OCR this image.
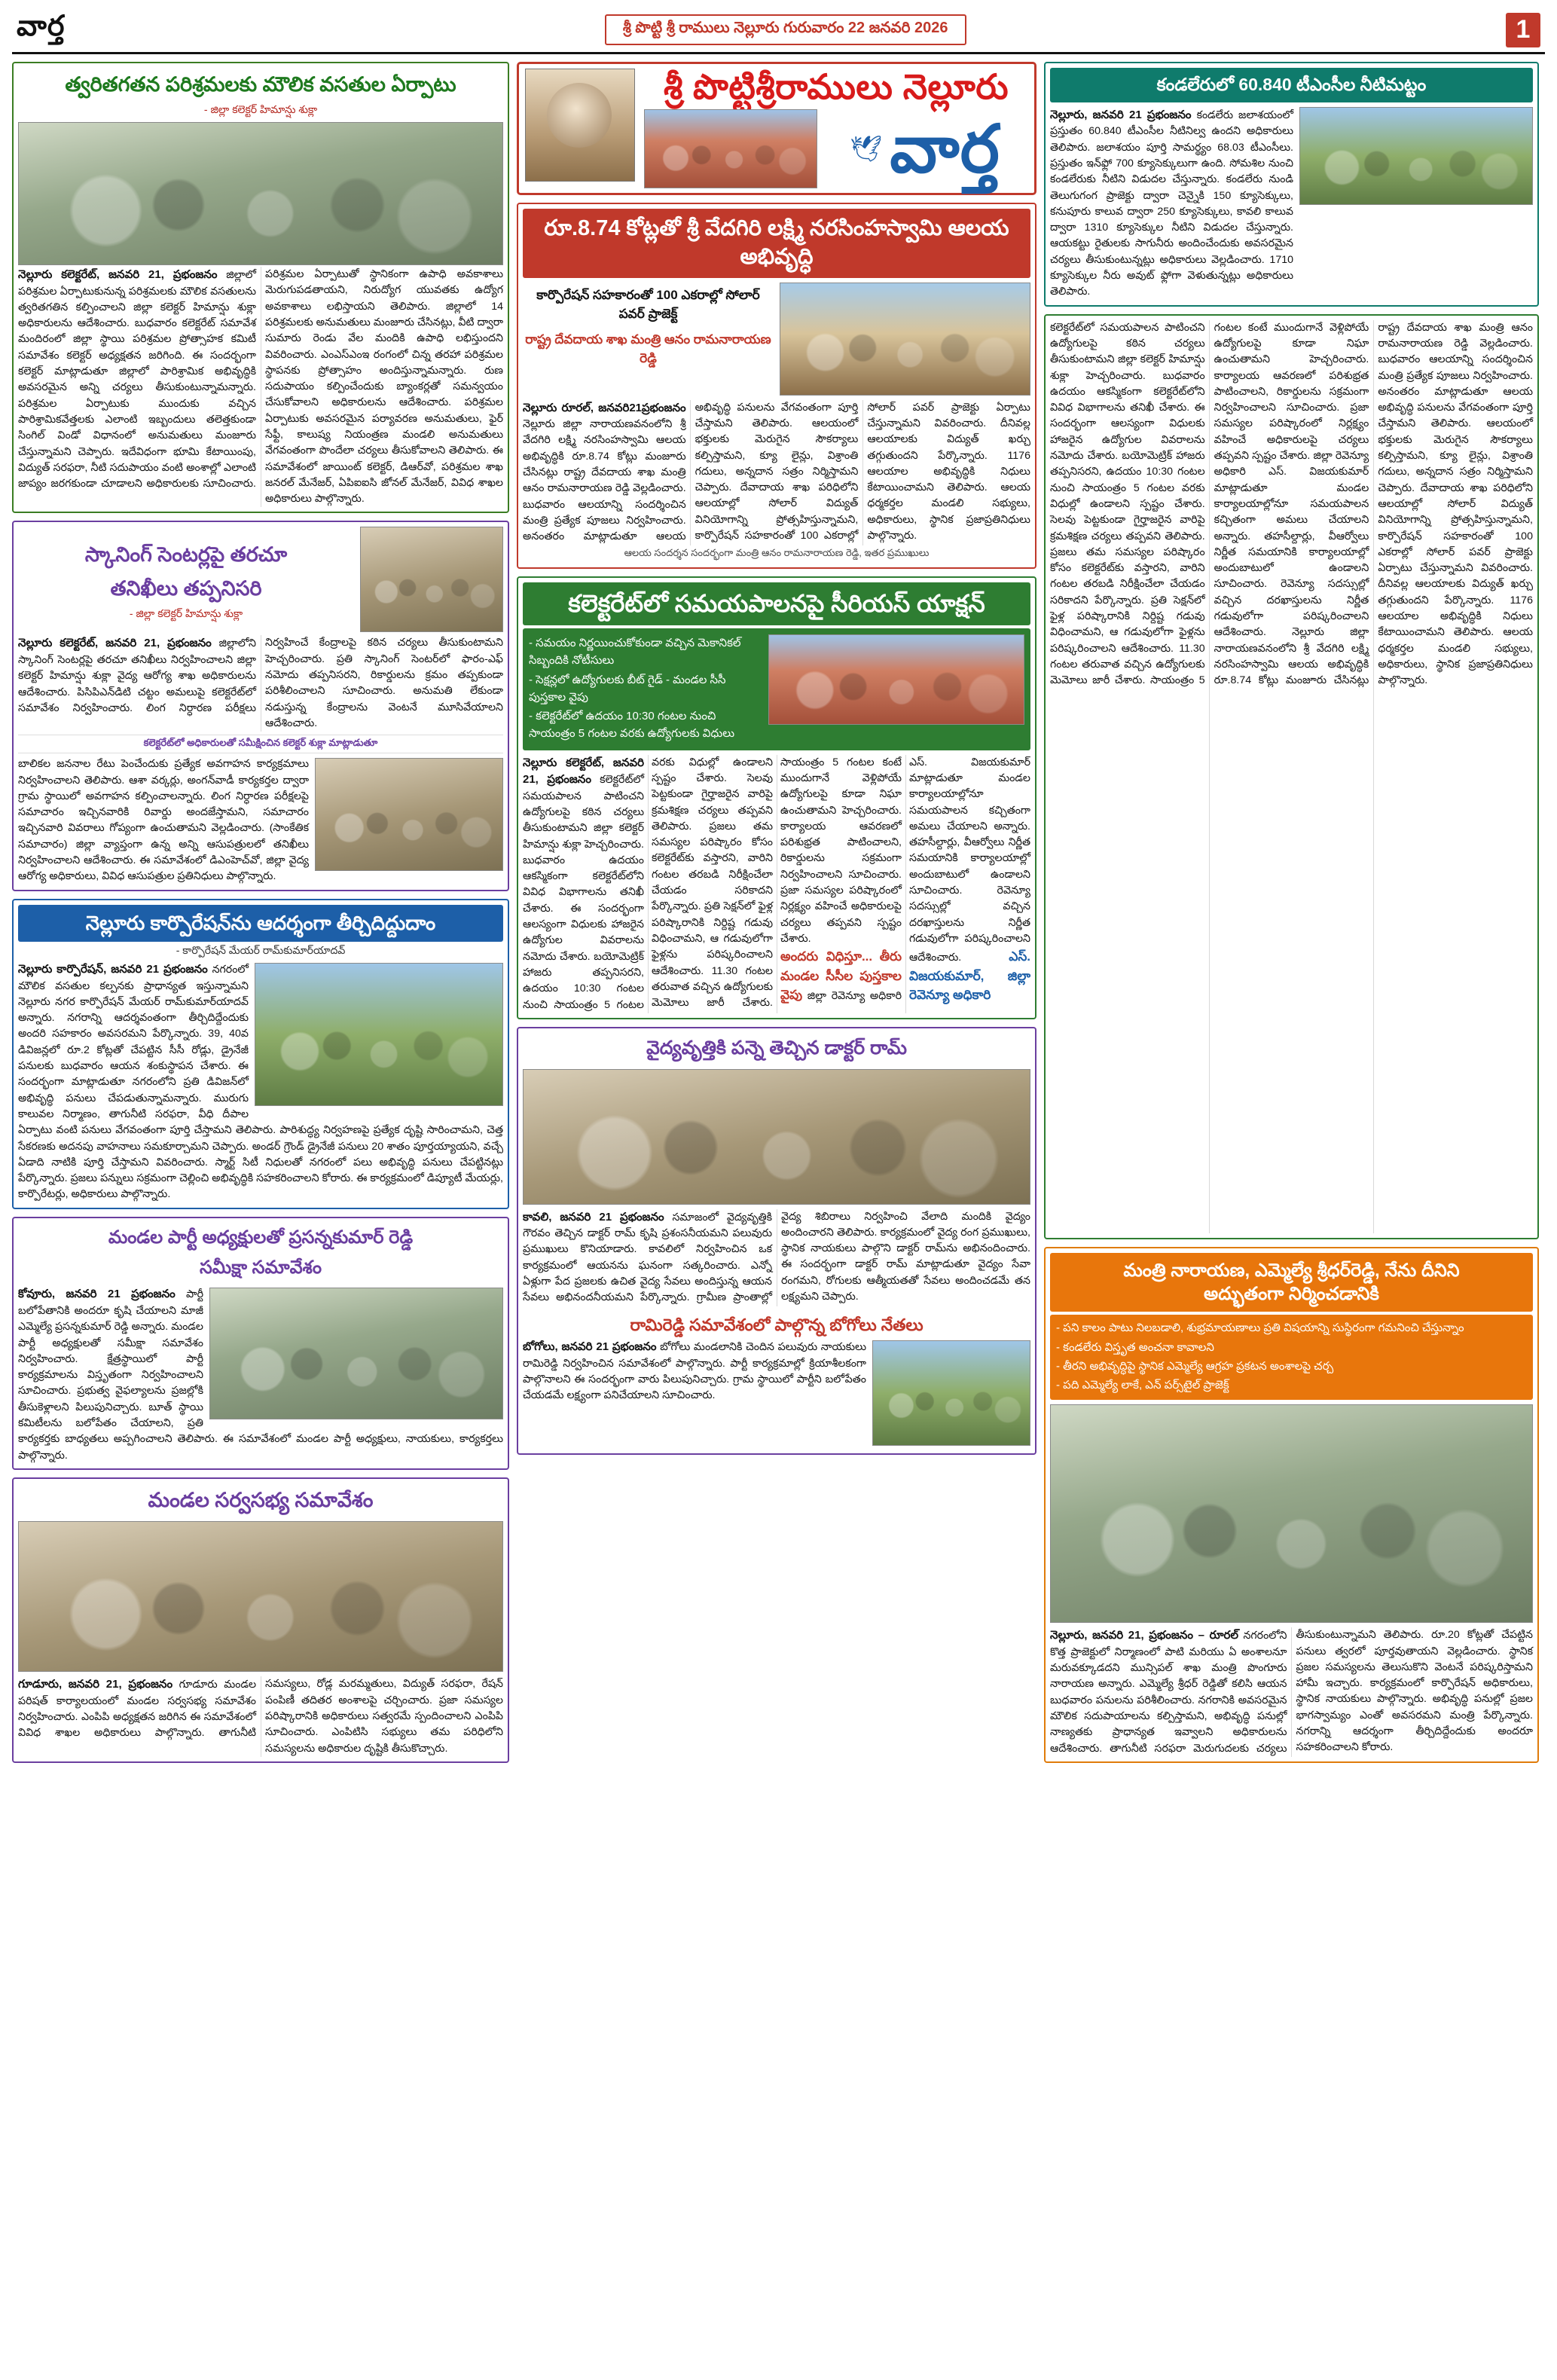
వార్త	శ్రీ పొట్టి శ్రీ రాములు నెల్లూరు గురువారం 22 జనవరి 2026	1
త్వరితగతన పరిశ్రమలకు మౌలిక వసతుల ఏర్పాటు
- జిల్లా కలెక్టర్ హిమాన్షు శుక్లా
నెల్లూరు కలెక్టరేట్, జనవరి 21, ప్రభంజనం జిల్లాలో పరిశ్రమల ఏర్పాటుకునున్న పరిశ్రమలకు మౌలిక వసతులను త్వరితగతిన కల్పించాలని జిల్లా కలెక్టర్ హిమాన్షు శుక్లా అధికారులను ఆదేశించారు. బుధవారం కలెక్టరేట్ సమావేశ మందిరంలో జిల్లా స్థాయి పరిశ్రమల ప్రోత్సాహక కమిటీ సమావేశం కలెక్టర్ అధ్యక్షతన జరిగింది. ఈ సందర్భంగా కలెక్టర్ మాట్లాడుతూ జిల్లాలో పారిశ్రామిక అభివృద్ధికి అవసరమైన అన్ని చర్యలు తీసుకుంటున్నామన్నారు. పరిశ్రమల ఏర్పాటుకు ముందుకు వచ్చిన పారిశ్రామికవేత్తలకు ఎలాంటి ఇబ్బందులు తలెత్తకుండా సింగిల్ విండో విధానంలో అనుమతులు మంజూరు చేస్తున్నామని చెప్పారు. ఇదేవిధంగా భూమి కేటాయింపు, విద్యుత్ సరఫరా, నీటి సదుపాయం వంటి అంశాల్లో ఎలాంటి జాప్యం జరగకుండా చూడాలని అధికారులకు సూచించారు. పరిశ్రమల ఏర్పాటుతో స్థానికంగా ఉపాధి అవకాశాలు మెరుగుపడతాయని, నిరుద్యోగ యువతకు ఉద్యోగ అవకాశాలు లభిస్తాయని తెలిపారు. జిల్లాలో 14 పరిశ్రమలకు అనుమతులు మంజూరు చేసినట్లు, వీటి ద్వారా సుమారు రెండు వేల మందికి ఉపాధి లభిస్తుందని వివరించారు. ఎంఎస్ఎంఇ రంగంలో చిన్న తరహా పరిశ్రమల స్థాపనకు ప్రోత్సాహం అందిస్తున్నామన్నారు. రుణ సదుపాయం కల్పించేందుకు బ్యాంకర్లతో సమన్వయం చేసుకోవాలని అధికారులను ఆదేశించారు. పరిశ్రమల ఏర్పాటుకు అవసరమైన పర్యావరణ అనుమతులు, ఫైర్ సేఫ్టీ, కాలుష్య నియంత్రణ మండలి అనుమతులు వేగవంతంగా పొందేలా చర్యలు తీసుకోవాలని తెలిపారు. ఈ సమావేశంలో జాయింట్ కలెక్టర్, డిఆర్‌వో, పరిశ్రమల శాఖ జనరల్ మేనేజర్, ఏపిఐఐసి జోనల్ మేనేజర్, వివిధ శాఖల అధికారులు పాల్గొన్నారు.
స్కానింగ్ సెంటర్లపై తరచూ
తనిఖీలు తప్పనిసరి
- జిల్లా కలెక్టర్ హిమాన్షు శుక్లా
నెల్లూరు కలెక్టరేట్, జనవరి 21, ప్రభంజనం జిల్లాలోని స్కానింగ్ సెంటర్లపై తరచూ తనిఖీలు నిర్వహించాలని జిల్లా కలెక్టర్ హిమాన్షు శుక్లా వైద్య ఆరోగ్య శాఖ అధికారులను ఆదేశించారు. పిసిపిఎన్‌డిటి చట్టం అమలుపై కలెక్టరేట్‌లో సమావేశం నిర్వహించారు. లింగ నిర్ధారణ పరీక్షలు నిర్వహించే కేంద్రాలపై కఠిన చర్యలు తీసుకుంటామని హెచ్చరించారు. ప్రతి స్కానింగ్ సెంటర్‌లో ఫారం-ఎఫ్ నమోదు తప్పనిసరని, రికార్డులను క్రమం తప్పకుండా పరిశీలించాలని సూచించారు. అనుమతి లేకుండా నడుస్తున్న కేంద్రాలను వెంటనే మూసివేయాలని ఆదేశించారు.
కలెక్టరేట్‌లో అధికారులతో సమీక్షించిన కలెక్టర్ శుక్లా మాట్లాడుతూ
బాలికల జననాల రేటు పెంచేందుకు ప్రత్యేక అవగాహన కార్యక్రమాలు నిర్వహించాలని తెలిపారు. ఆశా వర్కర్లు, అంగన్‌వాడీ కార్యకర్తల ద్వారా గ్రామ స్థాయిలో అవగాహన కల్పించాలన్నారు. లింగ నిర్ధారణ పరీక్షలపై సమాచారం ఇచ్చినవారికి రివార్డు అందజేస్తామని, సమాచారం ఇచ్చినవారి వివరాలు గోప్యంగా ఉంచుతామని వెల్లడించారు. (సాంకేతిక సమాచారం) జిల్లా వ్యాప్తంగా ఉన్న అన్ని ఆసుపత్రులలో తనిఖీలు నిర్వహించాలని ఆదేశించారు. ఈ సమావేశంలో డిఎంహెచ్‌వో, జిల్లా వైద్య ఆరోగ్య అధికారులు, వివిధ ఆసుపత్రుల ప్రతినిధులు పాల్గొన్నారు.
నెల్లూరు కార్పొరేషన్‌ను ఆదర్శంగా తీర్చిదిద్దుదాం
- కార్పొరేషన్ మేయర్ రామ్‌కుమార్‌యాదవ్
నెల్లూరు కార్పొరేషన్, జనవరి 21 ప్రభంజనం నగరంలో మౌలిక వసతుల కల్పనకు ప్రాధాన్యత ఇస్తున్నామని నెల్లూరు నగర కార్పొరేషన్ మేయర్ రామ్‌కుమార్‌యాదవ్ అన్నారు. నగరాన్ని ఆదర్శవంతంగా తీర్చిదిద్దేందుకు అందరి సహకారం అవసరమని పేర్కొన్నారు. 39, 40వ డివిజన్లలో రూ.2 కోట్లతో చేపట్టిన సీసీ రోడ్లు, డ్రైనేజీ పనులకు బుధవారం ఆయన శంకుస్థాపన చేశారు. ఈ సందర్భంగా మాట్లాడుతూ నగరంలోని ప్రతి డివిజన్‌లో అభివృద్ధి పనులు చేపడుతున్నామన్నారు. మురుగు కాలువల నిర్మాణం, తాగునీటి సరఫరా, వీధి దీపాల ఏర్పాటు వంటి పనులు వేగవంతంగా పూర్తి చేస్తామని తెలిపారు. పారిశుద్ధ్య నిర్వహణపై ప్రత్యేక దృష్టి సారించామని, చెత్త సేకరణకు అదనపు వాహనాలు సమకూర్చామని చెప్పారు. అండర్ గ్రౌండ్ డ్రైనేజీ పనులు 20 శాతం పూర్తయ్యాయని, వచ్చే ఏడాది నాటికి పూర్తి చేస్తామని వివరించారు. స్మార్ట్ సిటీ నిధులతో నగరంలో పలు అభివృద్ధి పనులు చేపట్టినట్లు పేర్కొన్నారు. ప్రజలు పన్నులు సక్రమంగా చెల్లించి అభివృద్ధికి సహకరించాలని కోరారు. ఈ కార్యక్రమంలో డిప్యూటీ మేయర్లు, కార్పొరేటర్లు, అధికారులు పాల్గొన్నారు.
మండల పార్టీ అధ్యక్షులతో ప్రసన్నకుమార్ రెడ్డి
సమీక్షా సమావేశం
కోవూరు, జనవరి 21 ప్రభంజనం పార్టీ బలోపేతానికి అందరూ కృషి చేయాలని మాజీ ఎమ్మెల్యే ప్రసన్నకుమార్ రెడ్డి అన్నారు. మండల పార్టీ అధ్యక్షులతో సమీక్షా సమావేశం నిర్వహించారు. క్షేత్రస్థాయిలో పార్టీ కార్యక్రమాలను విస్తృతంగా నిర్వహించాలని సూచించారు. ప్రభుత్వ వైఫల్యాలను ప్రజల్లోకి తీసుకెళ్లాలని పిలుపునిచ్చారు. బూత్ స్థాయి కమిటీలను బలోపేతం చేయాలని, ప్రతి కార్యకర్తకు బాధ్యతలు అప్పగించాలని తెలిపారు. ఈ సమావేశంలో మండల పార్టీ అధ్యక్షులు, నాయకులు, కార్యకర్తలు పాల్గొన్నారు.
మండల సర్వసభ్య సమావేశం
గూడూరు, జనవరి 21, ప్రభంజనం గూడూరు మండల పరిషత్ కార్యాలయంలో మండల సర్వసభ్య సమావేశం నిర్వహించారు. ఎంపిపి అధ్యక్షతన జరిగిన ఈ సమావేశంలో వివిధ శాఖల అధికారులు పాల్గొన్నారు. తాగునీటి సమస్యలు, రోడ్ల మరమ్మతులు, విద్యుత్ సరఫరా, రేషన్ పంపిణీ తదితర అంశాలపై చర్చించారు. ప్రజా సమస్యల పరిష్కారానికి అధికారులు సత్వరమే స్పందించాలని ఎంపిపి సూచించారు. ఎంపిటిసి సభ్యులు తమ పరిధిలోని సమస్యలను అధికారుల దృష్టికి తీసుకొచ్చారు.
శ్రీ పొట్టిశ్రీరాములు నెల్లూరు
🕊 వార్త
రూ.8.74 కోట్లతో శ్రీ వేదగిరి లక్ష్మి నరసింహస్వామి ఆలయ అభివృద్ధి
కార్పొరేషన్ సహకారంతో 100 ఎకరాల్లో సోలార్ పవర్ ప్రాజెక్ట్
రాష్ట్ర దేవదాయ శాఖ మంత్రి ఆనం రామనారాయణ రెడ్డి
నెల్లూరు రూరల్, జనవరి21ప్రభంజనం నెల్లూరు జిల్లా నారాయణవనంలోని శ్రీ వేదగిరి లక్ష్మి నరసింహస్వామి ఆలయ అభివృద్ధికి రూ.8.74 కోట్లు మంజూరు చేసినట్లు రాష్ట్ర దేవదాయ శాఖ మంత్రి ఆనం రామనారాయణ రెడ్డి వెల్లడించారు. బుధవారం ఆలయాన్ని సందర్శించిన మంత్రి ప్రత్యేక పూజలు నిర్వహించారు. అనంతరం మాట్లాడుతూ ఆలయ అభివృద్ధి పనులను వేగవంతంగా పూర్తి చేస్తామని తెలిపారు. ఆలయంలో భక్తులకు మెరుగైన సౌకర్యాలు కల్పిస్తామని, క్యూ లైన్లు, విశ్రాంతి గదులు, అన్నదాన సత్రం నిర్మిస్తామని చెప్పారు. దేవాదాయ శాఖ పరిధిలోని ఆలయాల్లో సోలార్ విద్యుత్ వినియోగాన్ని ప్రోత్సహిస్తున్నామని, కార్పొరేషన్ సహకారంతో 100 ఎకరాల్లో సోలార్ పవర్ ప్రాజెక్టు ఏర్పాటు చేస్తున్నామని వివరించారు. దీనివల్ల ఆలయాలకు విద్యుత్ ఖర్చు తగ్గుతుందని పేర్కొన్నారు. 1176 ఆలయాల అభివృద్ధికి నిధులు కేటాయించామని తెలిపారు. ఆలయ ధర్మకర్తల మండలి సభ్యులు, అధికారులు, స్థానిక ప్రజాప్రతినిధులు పాల్గొన్నారు.
ఆలయ సందర్శన సందర్భంగా మంత్రి ఆనం రామనారాయణ రెడ్డి, ఇతర ప్రముఖులు
కలెక్టరేట్‌లో సమయపాలనపై సీరియస్ యాక్షన్
- సమయం నిర్ణయించుకోకుండా వచ్చిన మెకానికల్ సిబ్బందికి నోటీసులు
- సెక్షన్లలో ఉద్యోగులకు బీట్ గైడ్ - మండల సీసీ పుస్తకాల వైపు
- కలెక్టరేట్‌లో ఉదయం 10:30 గంటల నుంచి సాయంత్రం 5 గంటల వరకు ఉద్యోగులకు విధులు
నెల్లూరు కలెక్టరేట్, జనవరి 21, ప్రభంజనం కలెక్టరేట్‌లో సమయపాలన పాటించని ఉద్యోగులపై కఠిన చర్యలు తీసుకుంటామని జిల్లా కలెక్టర్ హిమాన్షు శుక్లా హెచ్చరించారు. బుధవారం ఉదయం ఆకస్మికంగా కలెక్టరేట్‌లోని వివిధ విభాగాలను తనిఖీ చేశారు. ఈ సందర్భంగా ఆలస్యంగా విధులకు హాజరైన ఉద్యోగుల వివరాలను నమోదు చేశారు. బయోమెట్రిక్ హాజరు తప్పనిసరని, ఉదయం 10:30 గంటల నుంచి సాయంత్రం 5 గంటల వరకు విధుల్లో ఉండాలని స్పష్టం చేశారు. సెలవు పెట్టకుండా గైర్హాజరైన వారిపై క్రమశిక్షణ చర్యలు తప్పవని తెలిపారు. ప్రజలు తమ సమస్యల పరిష్కారం కోసం కలెక్టరేట్‌కు వస్తారని, వారిని గంటల తరబడి నిరీక్షించేలా చేయడం సరికాదని పేర్కొన్నారు. ప్రతి సెక్షన్‌లో ఫైళ్ల పరిష్కారానికి నిర్దిష్ట గడువు విధించామని, ఆ గడువులోగా ఫైళ్లను పరిష్కరించాలని ఆదేశించారు. 11.30 గంటల తరువాత వచ్చిన ఉద్యోగులకు మెమోలు జారీ చేశారు. సాయంత్రం 5 గంటల కంటే ముందుగానే వెళ్లిపోయే ఉద్యోగులపై కూడా నిఘా ఉంచుతామని హెచ్చరించారు. కార్యాలయ ఆవరణలో పరిశుభ్రత పాటించాలని, రికార్డులను సక్రమంగా నిర్వహించాలని సూచించారు. ప్రజా సమస్యల పరిష్కారంలో నిర్లక్ష్యం వహించే అధికారులపై చర్యలు తప్పవని స్పష్టం చేశారు.
అందరు విధిస్తూ... తీరు మండల సీసీల పుస్తకాల వైపు జిల్లా రెవెన్యూ అధికారి ఎస్. విజయకుమార్ మాట్లాడుతూ మండల కార్యాలయాల్లోనూ సమయపాలన కచ్చితంగా అమలు చేయాలని అన్నారు. తహసీల్దార్లు, వీఆర్వోలు నిర్ణీత సమయానికి కార్యాలయాల్లో అందుబాటులో ఉండాలని సూచించారు. రెవెన్యూ సదస్సుల్లో వచ్చిన దరఖాస్తులను నిర్ణీత గడువులోగా పరిష్కరించాలని ఆదేశించారు.	ఎస్. విజయకుమార్, జిల్లా రెవెన్యూ అధికారి
వైద్యవృత్తికి పన్నె తెచ్చిన డాక్టర్ రామ్
కావలి, జనవరి 21 ప్రభంజనం సమాజంలో వైద్యవృత్తికి గౌరవం తెచ్చిన డాక్టర్ రామ్ కృషి ప్రశంసనీయమని పలువురు ప్రముఖులు కొనియాడారు. కావలిలో నిర్వహించిన ఒక కార్యక్రమంలో ఆయనను ఘనంగా సత్కరించారు. ఎన్నో ఏళ్లుగా పేద ప్రజలకు ఉచిత వైద్య సేవలు అందిస్తున్న ఆయన సేవలు అభినందనీయమని పేర్కొన్నారు. గ్రామీణ ప్రాంతాల్లో వైద్య శిబిరాలు నిర్వహించి వేలాది మందికి వైద్యం అందించారని తెలిపారు. కార్యక్రమంలో వైద్య రంగ ప్రముఖులు, స్థానిక నాయకులు పాల్గొని డాక్టర్ రామ్‌ను అభినందించారు. ఈ సందర్భంగా డాక్టర్ రామ్ మాట్లాడుతూ వైద్యం సేవా రంగమని, రోగులకు ఆత్మీయతతో సేవలు అందించడమే తన లక్ష్యమని చెప్పారు.
రామిరెడ్డి సమావేశంలో పాల్గొన్న బోగోలు నేతలు
బోగోలు, జనవరి 21 ప్రభంజనం బోగోలు మండలానికి చెందిన పలువురు నాయకులు రామిరెడ్డి నిర్వహించిన సమావేశంలో పాల్గొన్నారు. పార్టీ కార్యక్రమాల్లో క్రియాశీలకంగా పాల్గొనాలని ఈ సందర్భంగా వారు పిలుపునిచ్చారు. గ్రామ స్థాయిలో పార్టీని బలోపేతం చేయడమే లక్ష్యంగా పనిచేయాలని సూచించారు.
కండలేరులో 60.840 టీఎంసీల నీటిమట్టం
నెల్లూరు, జనవరి 21 ప్రభంజనం కండలేరు జలాశయంలో ప్రస్తుతం 60.840 టీఎంసీల నీటినిల్వ ఉందని అధికారులు తెలిపారు. జలాశయం పూర్తి సామర్థ్యం 68.03 టీఎంసీలు. ప్రస్తుతం ఇన్‌ఫ్లో 700 క్యూసెక్కులుగా ఉంది. సోమశిల నుంచి కండలేరుకు నీటిని విడుదల చేస్తున్నారు. కండలేరు నుండి తెలుగుగంగ ప్రాజెక్టు ద్వారా చెన్నైకి 150 క్యూసెక్కులు, కనుపూరు కాలువ ద్వారా 250 క్యూసెక్కులు, కావలి కాలువ ద్వారా 1310 క్యూసెక్కుల నీటిని విడుదల చేస్తున్నారు. ఆయకట్టు రైతులకు సాగునీరు అందించేందుకు అవసరమైన చర్యలు తీసుకుంటున్నట్లు అధికారులు వెల్లడించారు. 1710 క్యూసెక్కుల నీరు అవుట్ ఫ్లోగా వెళుతున్నట్లు అధికారులు తెలిపారు.
కలెక్టరేట్‌లో సమయపాలన పాటించని ఉద్యోగులపై కఠిన చర్యలు తీసుకుంటామని జిల్లా కలెక్టర్ హిమాన్షు శుక్లా హెచ్చరించారు. బుధవారం ఉదయం ఆకస్మికంగా కలెక్టరేట్‌లోని వివిధ విభాగాలను తనిఖీ చేశారు. ఈ సందర్భంగా ఆలస్యంగా విధులకు హాజరైన ఉద్యోగుల వివరాలను నమోదు చేశారు. బయోమెట్రిక్ హాజరు తప్పనిసరని, ఉదయం 10:30 గంటల నుంచి సాయంత్రం 5 గంటల వరకు విధుల్లో ఉండాలని స్పష్టం చేశారు. సెలవు పెట్టకుండా గైర్హాజరైన వారిపై క్రమశిక్షణ చర్యలు తప్పవని తెలిపారు. ప్రజలు తమ సమస్యల పరిష్కారం కోసం కలెక్టరేట్‌కు వస్తారని, వారిని గంటల తరబడి నిరీక్షించేలా చేయడం సరికాదని పేర్కొన్నారు. ప్రతి సెక్షన్‌లో ఫైళ్ల పరిష్కారానికి నిర్దిష్ట గడువు విధించామని, ఆ గడువులోగా ఫైళ్లను పరిష్కరించాలని ఆదేశించారు. 11.30 గంటల తరువాత వచ్చిన ఉద్యోగులకు మెమోలు జారీ చేశారు. సాయంత్రం 5 గంటల కంటే ముందుగానే వెళ్లిపోయే ఉద్యోగులపై కూడా నిఘా ఉంచుతామని హెచ్చరించారు. కార్యాలయ ఆవరణలో పరిశుభ్రత పాటించాలని, రికార్డులను సక్రమంగా నిర్వహించాలని సూచించారు. ప్రజా సమస్యల పరిష్కారంలో నిర్లక్ష్యం వహించే అధికారులపై చర్యలు తప్పవని స్పష్టం చేశారు. జిల్లా రెవెన్యూ అధికారి ఎస్. విజయకుమార్ మాట్లాడుతూ మండల కార్యాలయాల్లోనూ సమయపాలన కచ్చితంగా అమలు చేయాలని అన్నారు. తహసీల్దార్లు, వీఆర్వోలు నిర్ణీత సమయానికి కార్యాలయాల్లో అందుబాటులో ఉండాలని సూచించారు. రెవెన్యూ సదస్సుల్లో వచ్చిన దరఖాస్తులను నిర్ణీత గడువులోగా పరిష్కరించాలని ఆదేశించారు. నెల్లూరు జిల్లా నారాయణవనంలోని శ్రీ వేదగిరి లక్ష్మి నరసింహస్వామి ఆలయ అభివృద్ధికి రూ.8.74 కోట్లు మంజూరు చేసినట్లు రాష్ట్ర దేవదాయ శాఖ మంత్రి ఆనం రామనారాయణ రెడ్డి వెల్లడించారు. బుధవారం ఆలయాన్ని సందర్శించిన మంత్రి ప్రత్యేక పూజలు నిర్వహించారు. అనంతరం మాట్లాడుతూ ఆలయ అభివృద్ధి పనులను వేగవంతంగా పూర్తి చేస్తామని తెలిపారు. ఆలయంలో భక్తులకు మెరుగైన సౌకర్యాలు కల్పిస్తామని, క్యూ లైన్లు, విశ్రాంతి గదులు, అన్నదాన సత్రం నిర్మిస్తామని చెప్పారు. దేవాదాయ శాఖ పరిధిలోని ఆలయాల్లో సోలార్ విద్యుత్ వినియోగాన్ని ప్రోత్సహిస్తున్నామని, కార్పొరేషన్ సహకారంతో 100 ఎకరాల్లో సోలార్ పవర్ ప్రాజెక్టు ఏర్పాటు చేస్తున్నామని వివరించారు. దీనివల్ల ఆలయాలకు విద్యుత్ ఖర్చు తగ్గుతుందని పేర్కొన్నారు. 1176 ఆలయాల అభివృద్ధికి నిధులు కేటాయించామని తెలిపారు. ఆలయ ధర్మకర్తల మండలి సభ్యులు, అధికారులు, స్థానిక ప్రజాప్రతినిధులు పాల్గొన్నారు.
మంత్రి నారాయణ, ఎమ్మెల్యే శ్రీధర్‌రెడ్డి, నేను దీనిని
అద్భుతంగా నిర్మించడానికి
- పని కాలం పాటు నిలబడాలి, శుభ్రమాయణాలు ప్రతి విషయాన్ని సుస్థిరంగా గమనించి చేస్తున్నాం
- కండలేరు విస్తృత అంచనా కావాలని
- తీరని అభివృద్ధిపై స్థానిక ఎమ్మెల్యే ఆగ్రహ ప్రకటన అంశాలపై చర్చ
- పది ఎమ్మెల్యే లాకే, ఎన్ పర్స్‌టైల్ ప్రాజెక్ట్
నెల్లూరు, జనవరి 21, ప్రభంజనం – రూరల్ నగరంలోని కొత్త ప్రాజెక్టులో నిర్మాణంలో పాటి మరియు ఏ అంశాలనూ మరువక్కూడదని మున్సిపల్ శాఖ మంత్రి పొంగూరు నారాయణ అన్నారు. ఎమ్మెల్యే శ్రీధర్ రెడ్డితో కలిసి ఆయన బుధవారం పనులను పరిశీలించారు. నగరానికి అవసరమైన మౌలిక సదుపాయాలను కల్పిస్తామని, అభివృద్ధి పనుల్లో నాణ్యతకు ప్రాధాన్యత ఇవ్వాలని అధికారులను ఆదేశించారు. తాగునీటి సరఫరా మెరుగుదలకు చర్యలు తీసుకుంటున్నామని తెలిపారు. రూ.20 కోట్లతో చేపట్టిన పనులు త్వరలో పూర్తవుతాయని వెల్లడించారు. స్థానిక ప్రజల సమస్యలను తెలుసుకొని వెంటనే పరిష్కరిస్తామని హామీ ఇచ్చారు. కార్యక్రమంలో కార్పొరేషన్ అధికారులు, స్థానిక నాయకులు పాల్గొన్నారు. అభివృద్ధి పనుల్లో ప్రజల భాగస్వామ్యం ఎంతో అవసరమని మంత్రి పేర్కొన్నారు. నగరాన్ని ఆదర్శంగా తీర్చిదిద్దేందుకు అందరూ సహకరించాలని కోరారు.
